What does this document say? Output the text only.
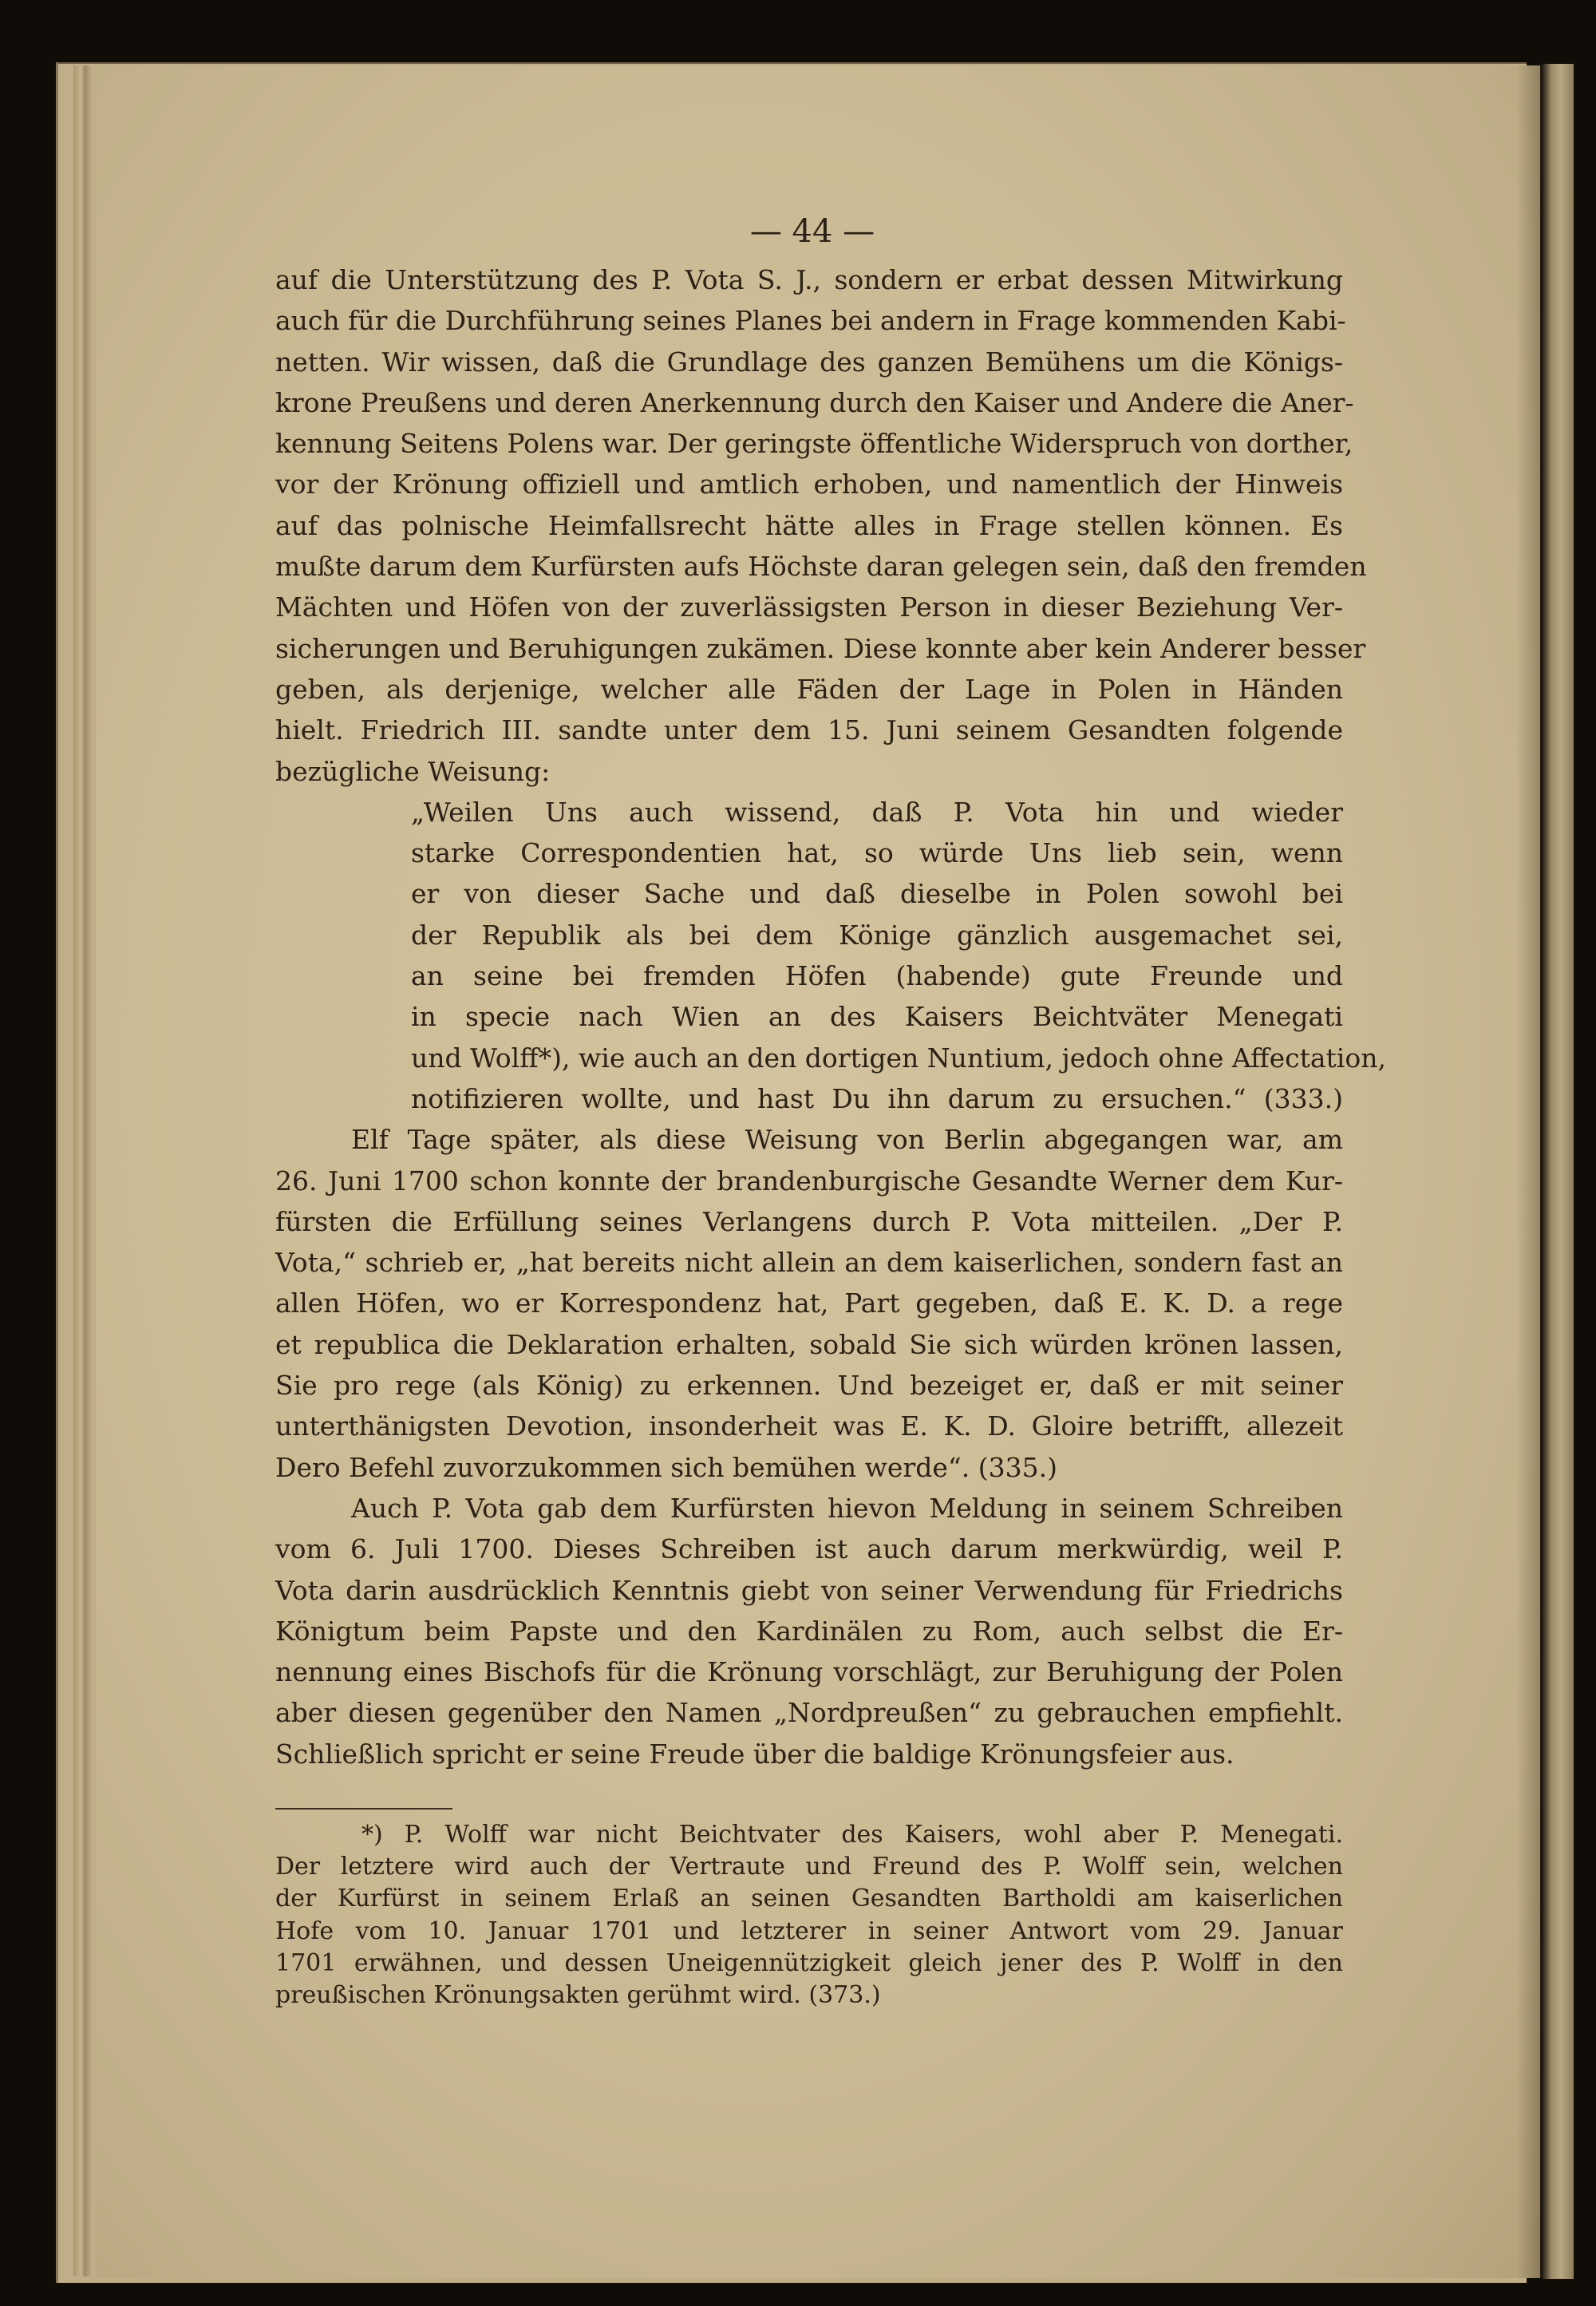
— 44 —
auf die Unterstützung des P. Vota S. J., sondern er erbat dessen Mitwirkung
auch für die Durchführung seines Planes bei andern in Frage kommenden Kabi-
netten. Wir wissen, daß die Grundlage des ganzen Bemühens um die Königs-
krone Preußens und deren Anerkennung durch den Kaiser und Andere die Aner-
kennung Seitens Polens war. Der geringste öffentliche Widerspruch von dorther,
vor der Krönung offiziell und amtlich erhoben, und namentlich der Hinweis
auf das polnische Heimfallsrecht hätte alles in Frage stellen können. Es
mußte darum dem Kurfürsten aufs Höchste daran gelegen sein, daß den fremden
Mächten und Höfen von der zuverlässigsten Person in dieser Beziehung Ver-
sicherungen und Beruhigungen zukämen. Diese konnte aber kein Anderer besser
geben, als derjenige, welcher alle Fäden der Lage in Polen in Händen
hielt. Friedrich III. sandte unter dem 15. Juni seinem Gesandten folgende
bezügliche Weisung:
„Weilen Uns auch wissend, daß P. Vota hin und wieder
starke Correspondentien hat, so würde Uns lieb sein, wenn
er von dieser Sache und daß dieselbe in Polen sowohl bei
der Republik als bei dem Könige gänzlich ausgemachet sei,
an seine bei fremden Höfen (habende) gute Freunde und
in specie nach Wien an des Kaisers Beichtväter Menegati
und Wolff*), wie auch an den dortigen Nuntium, jedoch ohne Affectation,
notifizieren wollte, und hast Du ihn darum zu ersuchen.“ (333.)
Elf Tage später, als diese Weisung von Berlin abgegangen war, am
26. Juni 1700 schon konnte der brandenburgische Gesandte Werner dem Kur-
fürsten die Erfüllung seines Verlangens durch P. Vota mitteilen. „Der P.
Vota,“ schrieb er, „hat bereits nicht allein an dem kaiserlichen, sondern fast an
allen Höfen, wo er Korrespondenz hat, Part gegeben, daß E. K. D. a rege
et republica die Deklaration erhalten, sobald Sie sich würden krönen lassen,
Sie pro rege (als König) zu erkennen. Und bezeiget er, daß er mit seiner
unterthänigsten Devotion, insonderheit was E. K. D. Gloire betrifft, allezeit
Dero Befehl zuvorzukommen sich bemühen werde“. (335.)
Auch P. Vota gab dem Kurfürsten hievon Meldung in seinem Schreiben
vom 6. Juli 1700. Dieses Schreiben ist auch darum merkwürdig, weil P.
Vota darin ausdrücklich Kenntnis giebt von seiner Verwendung für Friedrichs
Königtum beim Papste und den Kardinälen zu Rom, auch selbst die Er-
nennung eines Bischofs für die Krönung vorschlägt, zur Beruhigung der Polen
aber diesen gegenüber den Namen „Nordpreußen“ zu gebrauchen empfiehlt.
Schließlich spricht er seine Freude über die baldige Krönungsfeier aus.
*) P. Wolff war nicht Beichtvater des Kaisers, wohl aber P. Menegati.
Der letztere wird auch der Vertraute und Freund des P. Wolff sein, welchen
der Kurfürst in seinem Erlaß an seinen Gesandten Bartholdi am kaiserlichen
Hofe vom 10. Januar 1701 und letzterer in seiner Antwort vom 29. Januar
1701 erwähnen, und dessen Uneigennützigkeit gleich jener des P. Wolff in den
preußischen Krönungsakten gerühmt wird. (373.)
